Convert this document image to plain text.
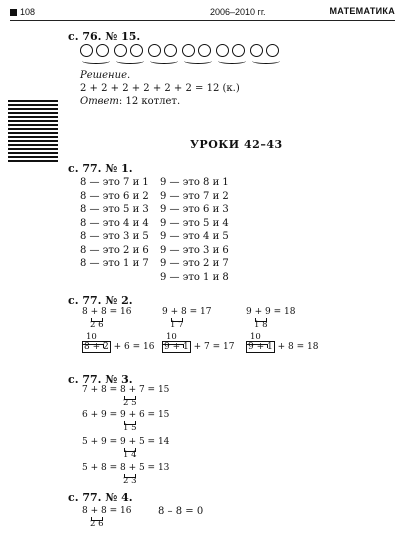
108	2006–2010 гг.	МАТЕМАТИКА
с. 76. № 15.
Решение.
2 + 2 + 2 + 2 + 2 + 2 = 12 (к.)
Ответ: 12 котлет.
УРОКИ 42–43
с. 77. № 1.
8 — это 7 и 1
8 — это 6 и 2
8 — это 5 и 3
8 — это 4 и 4
8 — это 3 и 5
8 — это 2 и 6
8 — это 1 и 7
9 — это 8 и 1
9 — это 7 и 2
9 — это 6 и 3
9 — это 5 и 4
9 — это 4 и 5
9 — это 3 и 6
9 — это 2 и 7
9 — это 1 и 8
с. 77. № 2.
8 + 8 = 16
2 6
10
8 + 2 + 6 = 16
9 + 8 = 17
1 7
10
9 + 1 + 7 = 17
9 + 9 = 18
1 8
10
9 + 1 + 8 = 18
с. 77. № 3.
7 + 8 = 8 + 7 = 15
2 5
6 + 9 = 9 + 6 = 15
1 5
5 + 9 = 9 + 5 = 14
1 4
5 + 8 = 8 + 5 = 13
2 3
с. 77. № 4.
8 + 8 = 16
2 6
8 – 8 = 0
